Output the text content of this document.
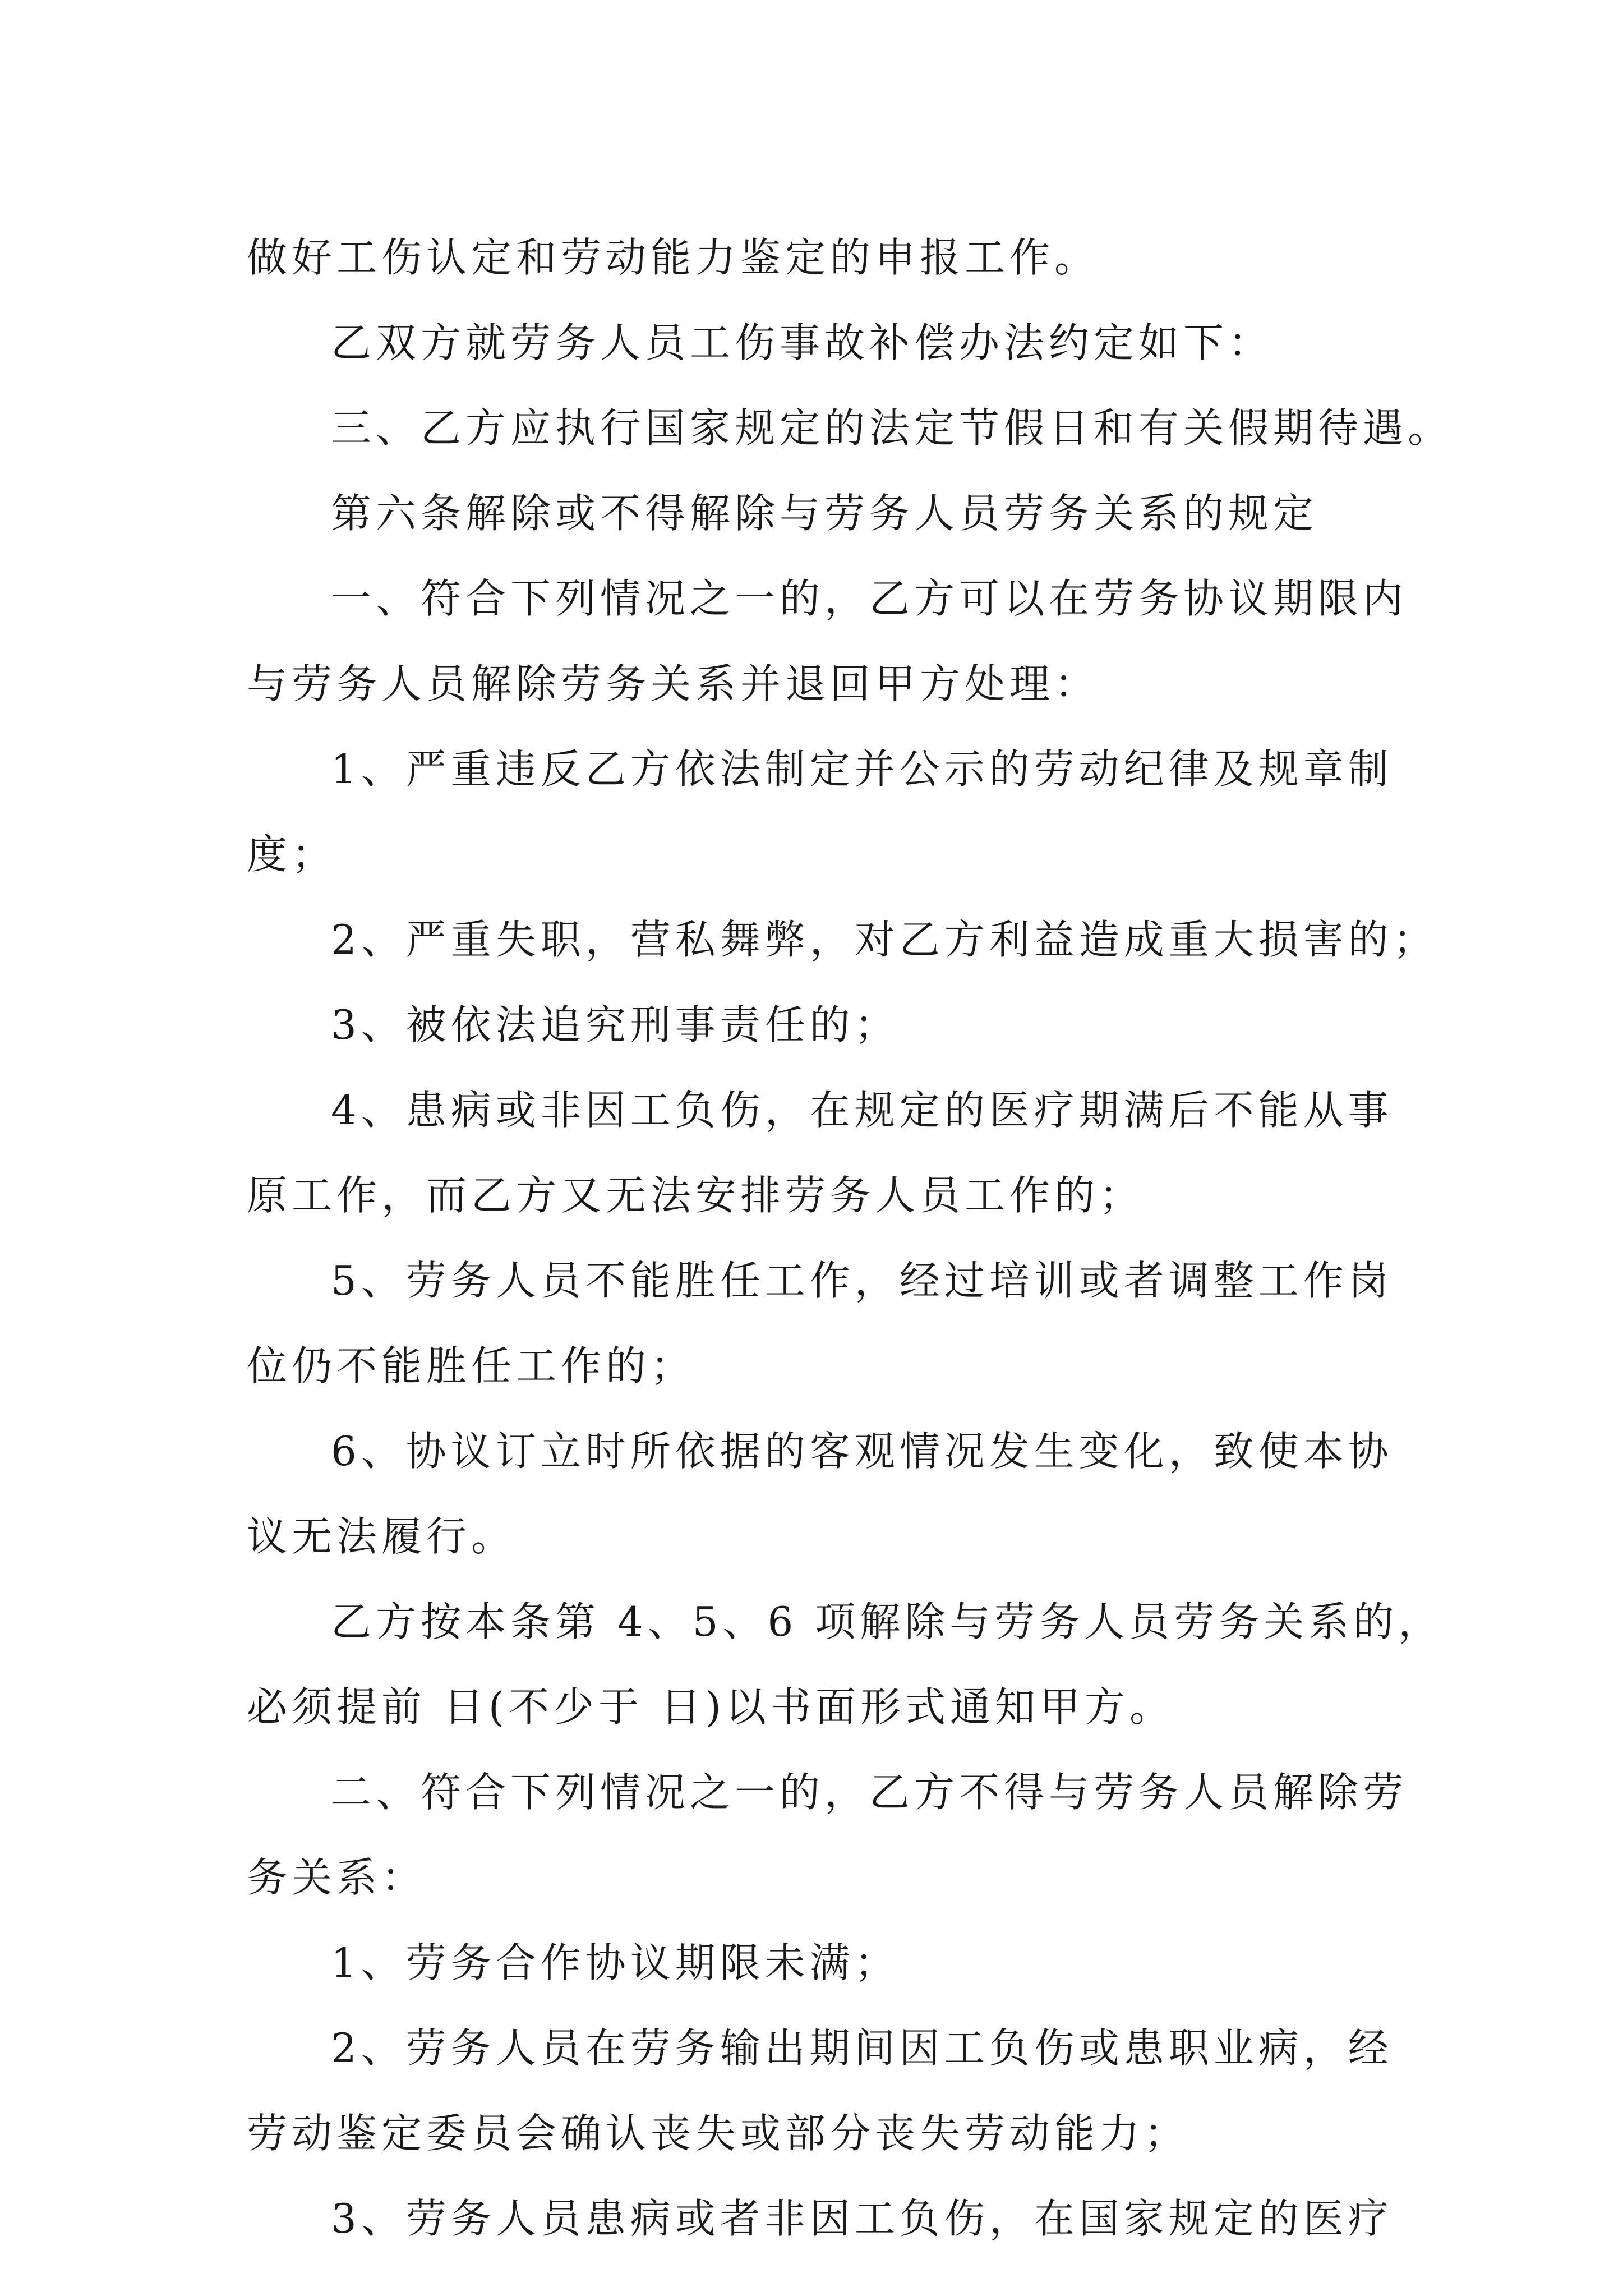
做好工伤认定和劳动能力鉴定的申报工作。

乙双方就劳务人员工伤事故补偿办法约定如下：

三、乙方应执行国家规定的法定节假日和有关假期待遇。

第六条解除或不得解除与劳务人员劳务关系的规定

一、符合下列情况之一的，乙方可以在劳务协议期限内

与劳务人员解除劳务关系并退回甲方处理：

1、严重违反乙方依法制定并公示的劳动纪律及规章制

度；

2、严重失职，营私舞弊，对乙方利益造成重大损害的；

3、被依法追究刑事责任的；

4、患病或非因工负伤，在规定的医疗期满后不能从事

原工作，而乙方又无法安排劳务人员工作的；

5、劳务人员不能胜任工作，经过培训或者调整工作岗

位仍不能胜任工作的；

6、协议订立时所依据的客观情况发生变化，致使本协

议无法履行。

乙方按本条第 4、5、6 项解除与劳务人员劳务关系的，

必须提前 日(不少于 日)以书面形式通知甲方。

二、符合下列情况之一的，乙方不得与劳务人员解除劳

务关系：

1、劳务合作协议期限未满；

2、劳务人员在劳务输出期间因工负伤或患职业病，经

劳动鉴定委员会确认丧失或部分丧失劳动能力；

3、劳务人员患病或者非因工负伤，在国家规定的医疗
